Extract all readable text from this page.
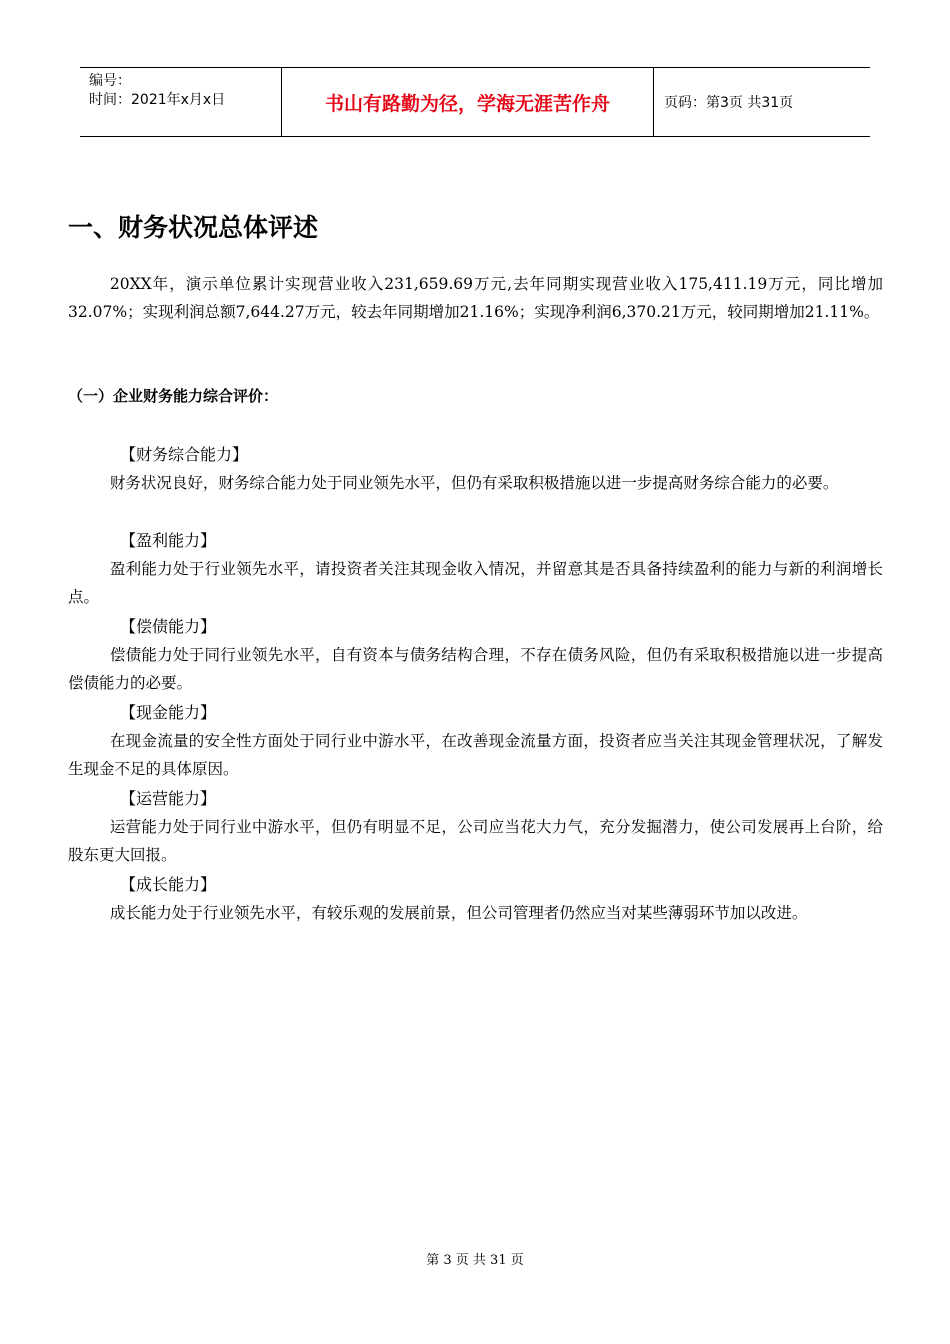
编号：
时间：2021年x月x日	书山有路勤为径，学海无涯苦作舟	页码：第3页 共31页
一、财务状况总体评述

20XX年，演示单位累计实现营业收入231,659.69万元,去年同期实现营业收入175,411.19万元，同比增加32.07%；实现利润总额7,644.27万元，较去年同期增加21.16%；实现净利润6,370.21万元，较同期增加21.11%。

（一）企业财务能力综合评价：

【财务综合能力】

财务状况良好，财务综合能力处于同业领先水平，但仍有采取积极措施以进一步提高财务综合能力的必要。

【盈利能力】

盈利能力处于行业领先水平，请投资者关注其现金收入情况，并留意其是否具备持续盈利的能力与新的利润增长点。

【偿债能力】

偿债能力处于同行业领先水平，自有资本与债务结构合理，不存在债务风险，但仍有采取积极措施以进一步提高偿债能力的必要。

【现金能力】

在现金流量的安全性方面处于同行业中游水平，在改善现金流量方面，投资者应当关注其现金管理状况，了解发生现金不足的具体原因。

【运营能力】

运营能力处于同行业中游水平，但仍有明显不足，公司应当花大力气，充分发掘潜力，使公司发展再上台阶，给股东更大回报。

【成长能力】

成长能力处于行业领先水平，有较乐观的发展前景，但公司管理者仍然应当对某些薄弱环节加以改进。

第 3 页 共 31 页
